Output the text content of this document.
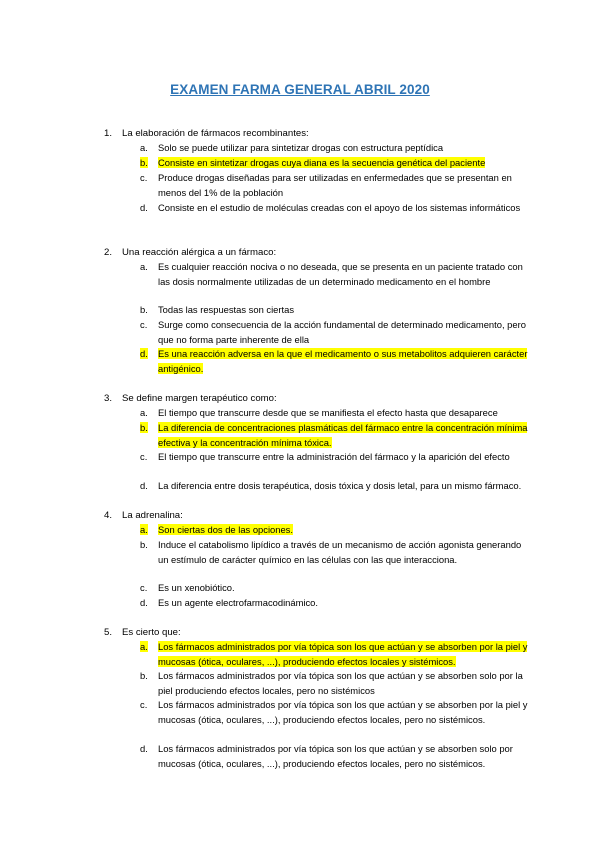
EXAMEN FARMA GENERAL ABRIL 2020
1. La elaboración de fármacos recombinantes:
a.	Solo se puede utilizar para sintetizar drogas con estructura peptídica
b.	Consiste en sintetizar drogas cuya diana es la secuencia genética del paciente
c.	Produce drogas diseñadas para ser utilizadas en enfermedades que se presentan en menos del 1% de la población
d.	Consiste en el estudio de moléculas creadas con el apoyo de los sistemas informáticos
2. Una reacción alérgica a un fármaco:
a.	Es cualquier reacción nociva o no deseada, que se presenta en un paciente tratado con las dosis normalmente utilizadas de un determinado medicamento en el hombre
b.	Todas las respuestas son ciertas
c.	Surge como consecuencia de la acción fundamental de determinado medicamento, pero que no forma parte inherente de ella
d.	Es una reacción adversa en la que el medicamento o sus metabolitos adquieren carácter antigénico.
3. Se define margen terapéutico como:
a.	El tiempo que transcurre desde que se manifiesta el efecto hasta que desaparece
b.	La diferencia de concentraciones plasmáticas del fármaco entre la concentración mínima efectiva y la concentración mínima tóxica.
c.	El tiempo que transcurre entre la administración del fármaco y la aparición del efecto
d.	La diferencia entre dosis terapéutica, dosis tóxica y dosis letal, para un mismo fármaco.
4. La adrenalina:
a.	Son ciertas dos de las opciones.
b.	Induce el catabolismo lipídico a través de un mecanismo de acción agonista generando un estímulo de carácter químico en las células con las que interacciona.
c.	Es un xenobiótico.
d.	Es un agente electrofarmacodinámico.
5. Es cierto que:
a.	Los fármacos administrados por vía tópica son los que actúan y se absorben por la piel y mucosas (ótica, oculares, ...), produciendo efectos locales y sistémicos.
b.	Los fármacos administrados por vía tópica son los que actúan y se absorben solo por la piel produciendo efectos locales, pero no sistémicos
c.	Los fármacos administrados por vía tópica son los que actúan y se absorben por la piel y mucosas (ótica, oculares, ...), produciendo efectos locales, pero no sistémicos.
d.	Los fármacos administrados por vía tópica son los que actúan y se absorben solo por mucosas (ótica, oculares, ...), produciendo efectos locales, pero no sistémicos.
